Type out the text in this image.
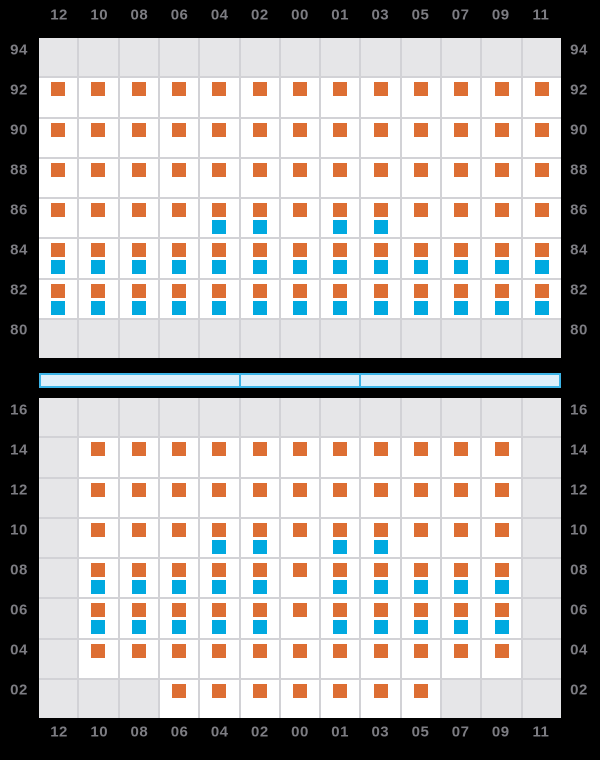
12 10 08 06 04 02 00 01 03 05 07 09 11
94
92
90
88
86
84
82
80
94
92
90
88
86
84
82
80
16
14
12
10
08
06
04
02
16
14
12
10
08
06
04
02
12 10 08 06 04 02 00 01 03 05 07 09 11
